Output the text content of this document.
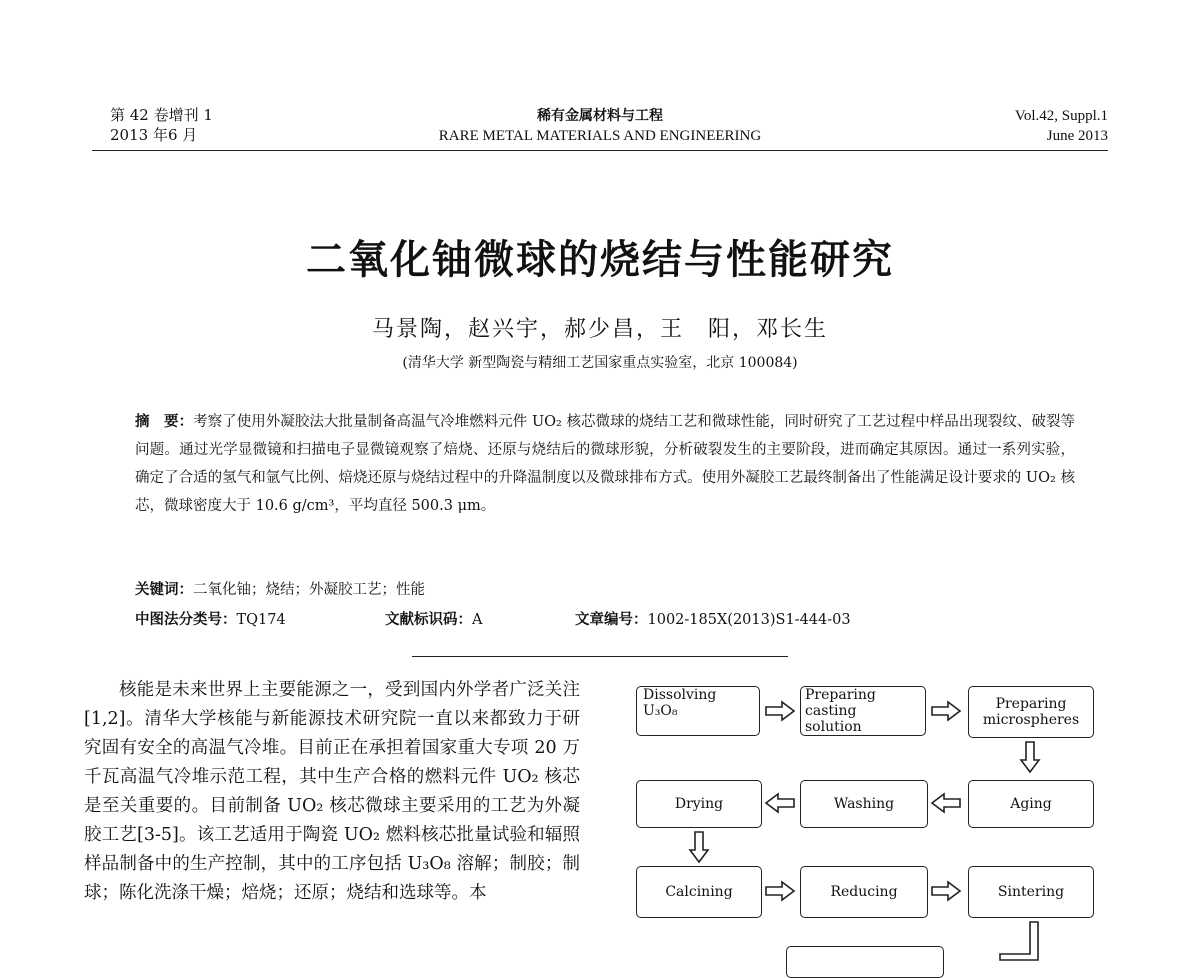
第 42 卷增刊 1
2013 年6 月
稀有金属材料与工程
RARE METAL MATERIALS AND ENGINEERING
Vol.42, Suppl.1
June 2013
二氧化铀微球的烧结与性能研究
马景陶，赵兴宇，郝少昌，王　阳，邓长生
(清华大学 新型陶瓷与精细工艺国家重点实验室，北京 100084)
摘　要：考察了使用外凝胶法大批量制备高温气冷堆燃料元件 UO₂ 核芯微球的烧结工艺和微球性能，同时研究了工艺过程中样品出现裂纹、破裂等问题。通过光学显微镜和扫描电子显微镜观察了焙烧、还原与烧结后的微球形貌，分析破裂发生的主要阶段，进而确定其原因。通过一系列实验，确定了合适的氢气和氩气比例、焙烧还原与烧结过程中的升降温制度以及微球排布方式。使用外凝胶工艺最终制备出了性能满足设计要求的 UO₂ 核芯，微球密度大于 10.6 g/cm³，平均直径 500.3 μm。
关键词：二氧化铀；烧结；外凝胶工艺；性能
中图法分类号：TQ174	文献标识码：A	文章编号：1002-185X(2013)S1-444-03

核能是未来世界上主要能源之一，受到国内外学者广泛关注[1,2]。清华大学核能与新能源技术研究院一直以来都致力于研究固有安全的高温气冷堆。目前正在承担着国家重大专项 20 万千瓦高温气冷堆示范工程，其中生产合格的燃料元件 UO₂ 核芯是至关重要的。目前制备 UO₂ 核芯微球主要采用的工艺为外凝胶工艺[3-5]。该工艺适用于陶瓷 UO₂ 燃料核芯批量试验和辐照样品制备中的生产控制，其中的工序包括 U₃O₈ 溶解；制胶；制球；陈化洗涤干燥；焙烧；还原；烧结和选球等。本

Dissolving
U₃O₈
Preparing casting
solution
Preparing
microspheres
Drying	Washing	Aging
Calcining	Reducing	Sintering
